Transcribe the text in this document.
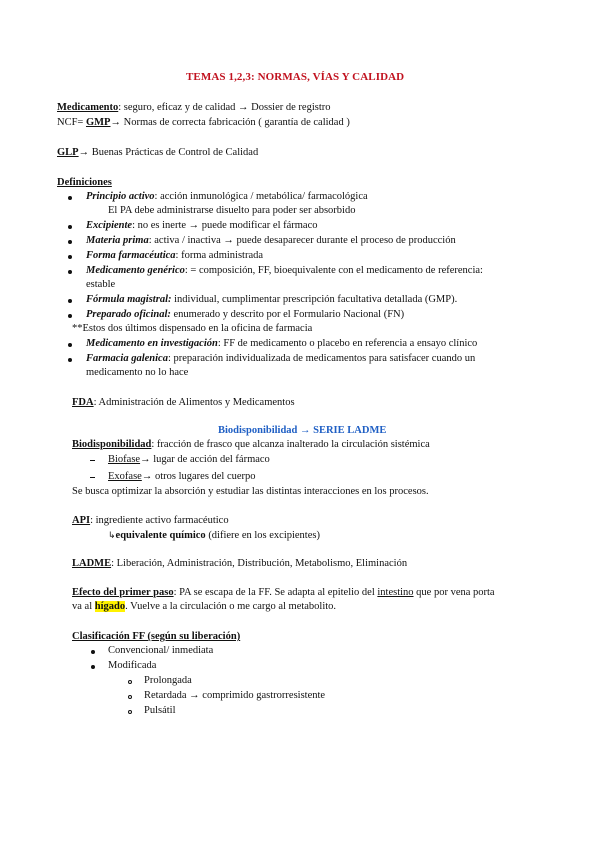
TEMAS 1,2,3: NORMAS, VÍAS Y CALIDAD
Medicamento: seguro, eficaz y de calidad → Dossier de registro
NCF= GMP→ Normas de correcta fabricación ( garantía de calidad )
GLP→ Buenas Prácticas de Control de Calidad
Definiciones
Principio activo: acción inmunológica / metabólica/ farmacológica
El PA debe administrarse disuelto para poder ser absorbido
Excipiente: no es inerte → puede modificar el fármaco
Materia prima: activa / inactiva → puede desaparecer durante el proceso de producción
Forma farmacéutica: forma administrada
Medicamento genérico: = composición, FF, bioequivalente con el medicamento de referencia:
estable
Fórmula magistral: individual, cumplimentar prescripción facultativa detallada (GMP).
Preparado oficinal: enumerado y descrito por el Formulario Nacional (FN)
**Estos dos últimos dispensado en la oficina de farmacia
Medicamento en investigación: FF de medicamento o placebo en referencia a ensayo clínico
Farmacia galenica: preparación individualizada de medicamentos para satisfacer cuando un
medicamento no lo hace
FDA: Administración de Alimentos y Medicamentos
Biodisponibilidad → SERIE LADME
Biodisponibilidad: fracción de frasco que alcanza inalterado la circulación sistémica
Biofase→ lugar de acción del fármaco
Exofase→ otros lugares del cuerpo
Se busca optimizar la absorción y estudiar las distintas interacciones en los procesos.
API: ingrediente activo farmacéutico
↳equivalente químico (difiere en los excipientes)
LADME: Liberación, Administración, Distribución, Metabolismo, Eliminación
Efecto del primer paso: PA se escapa de la FF. Se adapta al epitelio del intestino que por vena porta
va al hígado. Vuelve a la circulación o me cargo al metabolito.
Clasificación FF (según su liberación)
Convencional/ inmediata
Modificada
Prolongada
Retardada → comprimido gastrorresistente
Pulsátil
